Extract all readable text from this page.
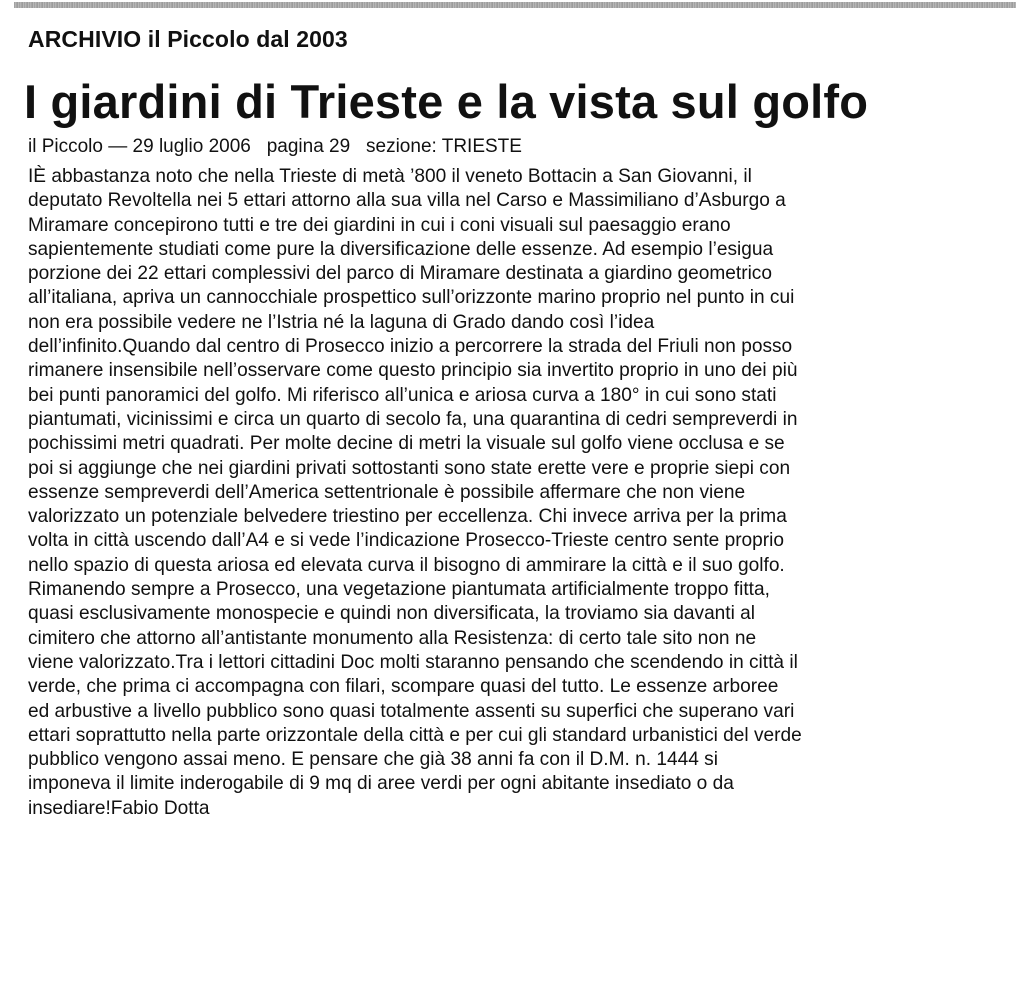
ARCHIVIO il Piccolo dal 2003
I giardini di Trieste e la vista sul golfo

il Piccolo — 29 luglio 2006 pagina 29 sezione: TRIESTE

IÈ abbastanza noto che nella Trieste di metà ’800 il veneto Bottacin a San Giovanni, il
deputato Revoltella nei 5 ettari attorno alla sua villa nel Carso e Massimiliano d’Asburgo a
Miramare concepirono tutti e tre dei giardini in cui i coni visuali sul paesaggio erano
sapientemente studiati come pure la diversificazione delle essenze. Ad esempio l’esigua
porzione dei 22 ettari complessivi del parco di Miramare destinata a giardino geometrico
all’italiana, apriva un cannocchiale prospettico sull’orizzonte marino proprio nel punto in cui
non era possibile vedere ne l’Istria né la laguna di Grado dando così l’idea
dell’infinito.Quando dal centro di Prosecco inizio a percorrere la strada del Friuli non posso
rimanere insensibile nell’osservare come questo principio sia invertito proprio in uno dei più
bei punti panoramici del golfo. Mi riferisco all’unica e ariosa curva a 180° in cui sono stati
piantumati, vicinissimi e circa un quarto di secolo fa, una quarantina di cedri sempreverdi in
pochissimi metri quadrati. Per molte decine di metri la visuale sul golfo viene occlusa e se
poi si aggiunge che nei giardini privati sottostanti sono state erette vere e proprie siepi con
essenze sempreverdi dell’America settentrionale è possibile affermare che non viene
valorizzato un potenziale belvedere triestino per eccellenza. Chi invece arriva per la prima
volta in città uscendo dall’A4 e si vede l’indicazione Prosecco-Trieste centro sente proprio
nello spazio di questa ariosa ed elevata curva il bisogno di ammirare la città e il suo golfo.
Rimanendo sempre a Prosecco, una vegetazione piantumata artificialmente troppo fitta,
quasi esclusivamente monospecie e quindi non diversificata, la troviamo sia davanti al
cimitero che attorno all’antistante monumento alla Resistenza: di certo tale sito non ne
viene valorizzato.Tra i lettori cittadini Doc molti staranno pensando che scendendo in città il
verde, che prima ci accompagna con filari, scompare quasi del tutto. Le essenze arboree
ed arbustive a livello pubblico sono quasi totalmente assenti su superfici che superano vari
ettari soprattutto nella parte orizzontale della città e per cui gli standard urbanistici del verde
pubblico vengono assai meno. E pensare che già 38 anni fa con il D.M. n. 1444 si
imponeva il limite inderogabile di 9 mq di aree verdi per ogni abitante insediato o da
insediare!Fabio Dotta
